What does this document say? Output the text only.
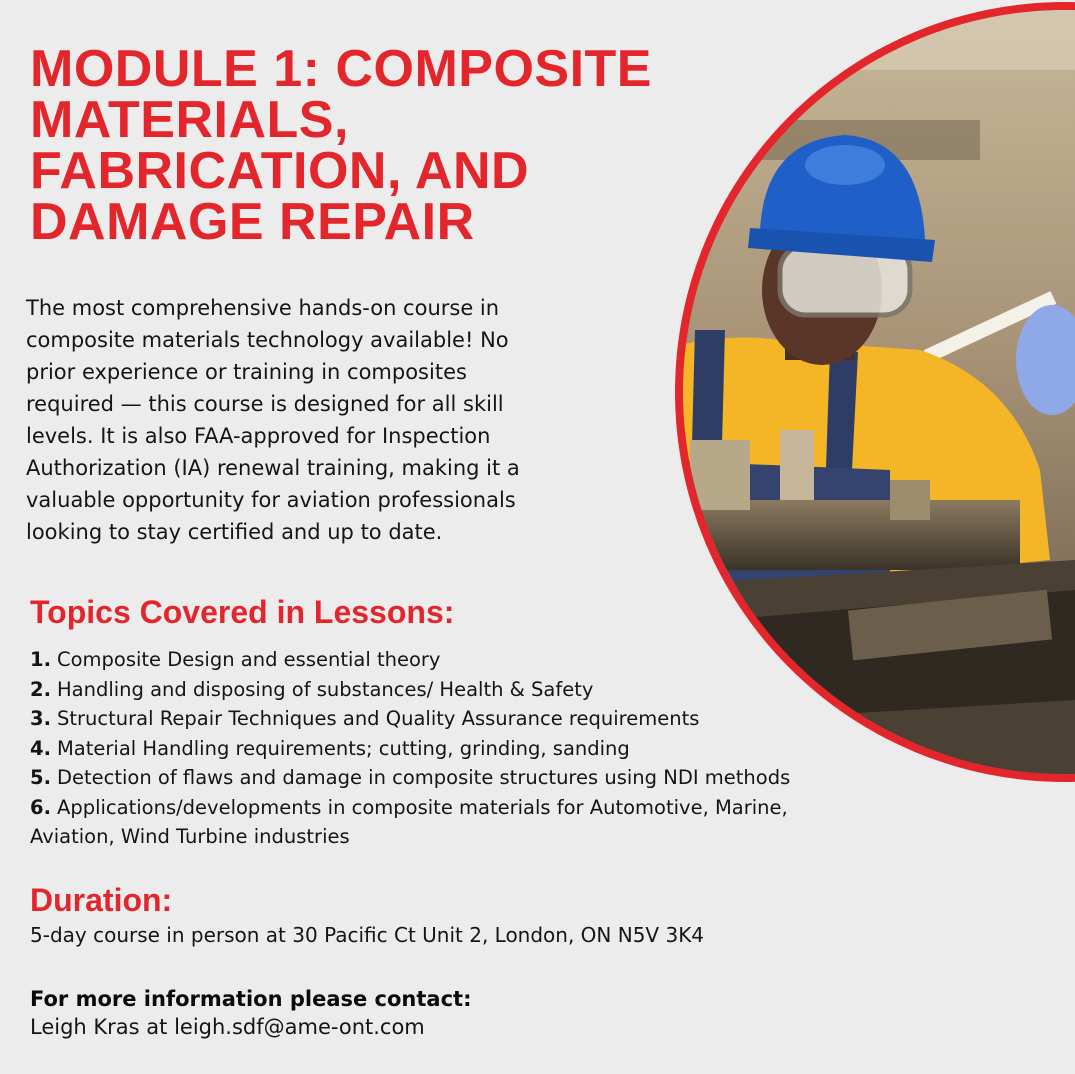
MODULE 1: COMPOSITE
MATERIALS,
FABRICATION, AND
DAMAGE REPAIR

The most comprehensive hands-on course in
composite materials technology available! No
prior experience or training in composites
required — this course is designed for all skill
levels. It is also FAA-approved for Inspection
Authorization (IA) renewal training, making it a
valuable opportunity for aviation professionals
looking to stay certified and up to date.

Topics Covered in Lessons:
1. Composite Design and essential theory
2. Handling and disposing of substances/ Health & Safety
3. Structural Repair Techniques and Quality Assurance requirements
4. Material Handling requirements; cutting, grinding, sanding
5. Detection of flaws and damage in composite structures using NDI methods
6. Applications/developments in composite materials for Automotive, Marine,
Aviation, Wind Turbine industries
Duration:

5-day course in person at 30 Pacific Ct Unit 2, London, ON N5V 3K4

For more information please contact:

Leigh Kras at leigh.sdf@ame-ont.com
